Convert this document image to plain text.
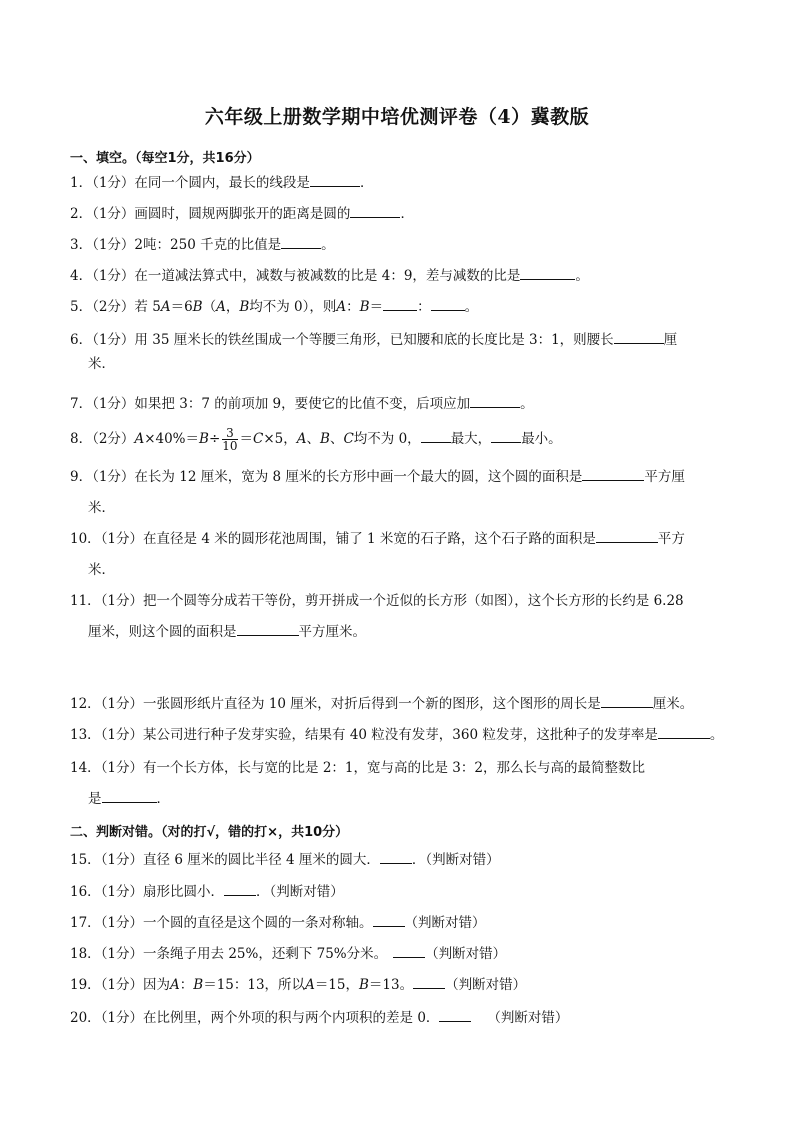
六年级上册数学期中培优测评卷（4）冀教版
一、填空。（每空1分，共16分）
1．（1分）在同一个圆内，最长的线段是	．
2．（1分）画圆时，圆规两脚张开的距离是圆的	．
3．（1分）2吨：250 千克的比值是	。
4．（1分）在一道减法算式中，减数与被减数的比是 4：9，差与减数的比是	。
5．（2分）若 5A＝6B（A，B均不为 0），则A：B＝	：	。
6．（1分）用 35 厘米长的铁丝围成一个等腰三角形，已知腰和底的长度比是 3：1，则腰长	厘
米．
7．（1分）如果把 3：7 的前项加 9，要使它的比值不变，后项应加	。
8．（2分）$A\times 40\%=B\div \frac{3}{10} =C\times 5$，A、B、C均不为 0， 最大， 最小。
9．（1分）在长为 12 厘米，宽为 8 厘米的长方形中画一个最大的圆，这个圆的面积是	平方厘
米．
10．（1分）在直径是 4 米的圆形花池周围，铺了 1 米宽的石子路，这个石子路的面积是	平方
米．
11．（1分）把一个圆等分成若干等份，剪开拼成一个近似的长方形（如图），这个长方形的长约是 6.28
厘米，则这个圆的面积是	平方厘米。
12．（1分）一张圆形纸片直径为 10 厘米，对折后得到一个新的图形，这个图形的周长是	厘米。
13．（1分）某公司进行种子发芽实验，结果有 40 粒没有发芽，360 粒发芽，这批种子的发芽率是	。
14．（1分）有一个长方体，长与宽的比是 2：1，宽与高的比是 3：2，那么长与高的最简整数比
是	．
二、判断对错。（对的打√，错的打×，共10分）
15．（1分）直径 6 厘米的圆比半径 4 厘米的圆大． ．（判断对错）
16．（1分）扇形比圆小． ．（判断对错）
17．（1分）一个圆的直径是这个圆的一条对称轴。 （判断对错）
18．（1分）一条绳子用去 25%，还剩下 75%分米。	（判断对错）
19．（1分）因为A：B＝15：13，所以A＝15，B＝13。 （判断对错）
20．（1分）在比例里，两个外项的积与两个内项积的差是 0．	（判断对错）
